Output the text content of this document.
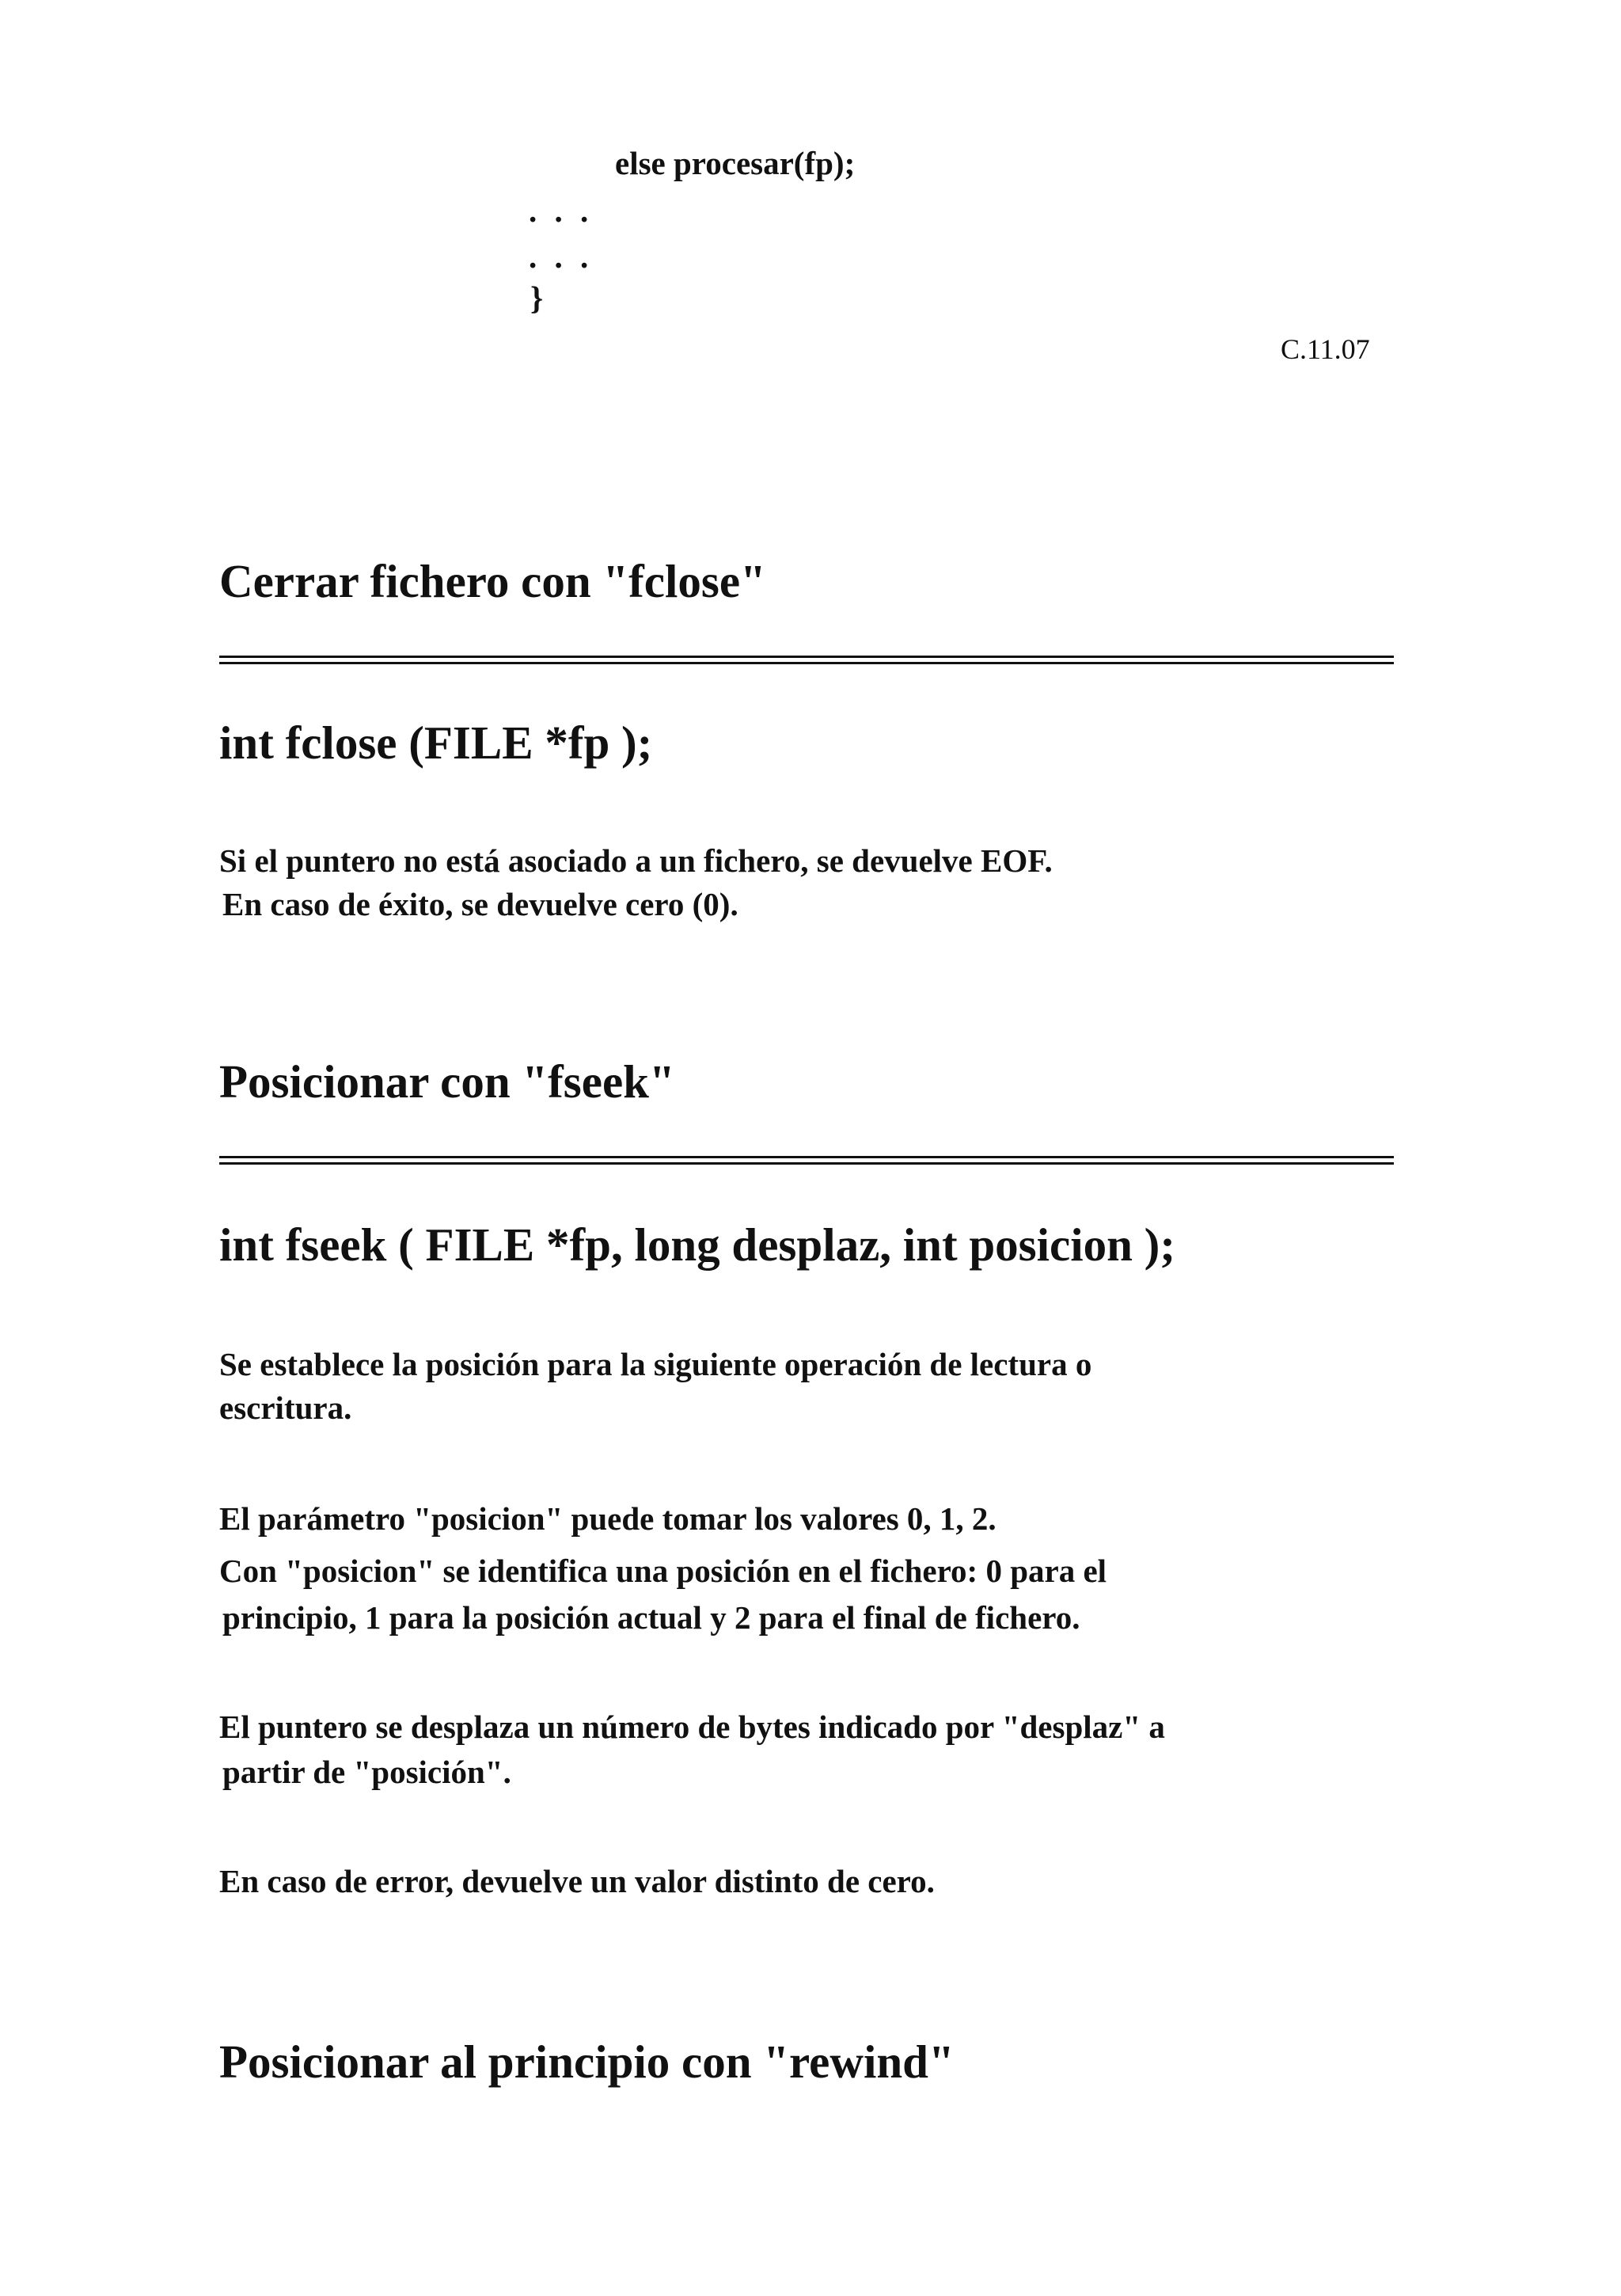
else procesar(fp);
. . .
. . .
}
C.11.07
Cerrar fichero con "fclose"
int fclose (FILE *fp );
Si el puntero no está asociado a un fichero, se devuelve EOF.
En caso de éxito, se devuelve cero (0).
Posicionar con "fseek"
int fseek ( FILE *fp, long desplaz, int posicion );
Se establece la posición para la siguiente operación de lectura o
escritura.
El parámetro "posicion" puede tomar los valores 0, 1, 2.
Con "posicion" se identifica una posición en el fichero: 0 para el
principio, 1 para la posición actual y 2 para el final de fichero.
El puntero se desplaza un número de bytes indicado por "desplaz" a
partir de "posición".
En caso de error, devuelve un valor distinto de cero.
Posicionar al principio con "rewind"
